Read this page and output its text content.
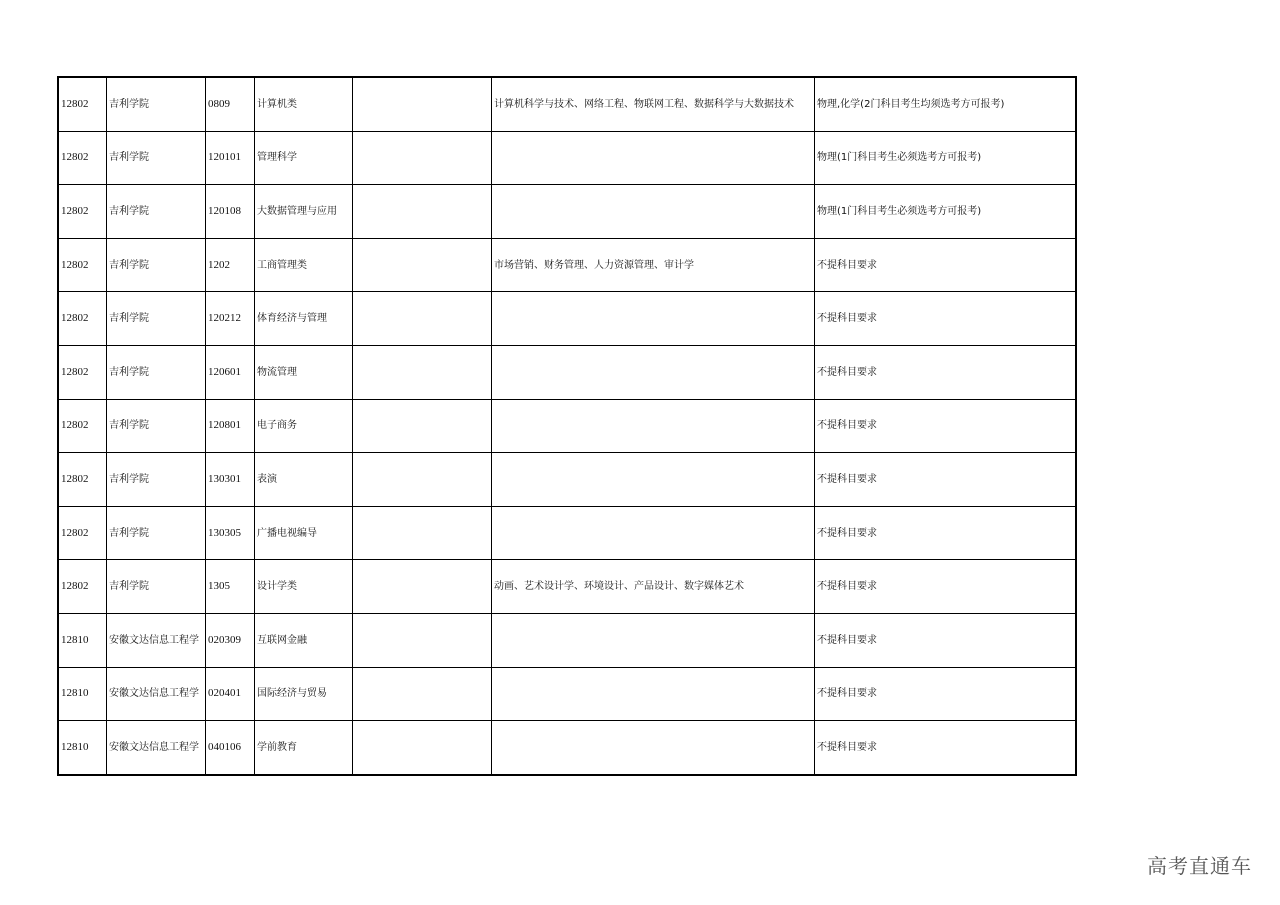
12802	吉利学院	0809	计算机类		计算机科学与技术、网络工程、物联网工程、数据科学与大数据技术	物理,化学(2门科目考生均须选考方可报考)
12802	吉利学院	120101	管理科学			物理(1门科目考生必须选考方可报考)
12802	吉利学院	120108	大数据管理与应用			物理(1门科目考生必须选考方可报考)
12802	吉利学院	1202	工商管理类		市场营销、财务管理、人力资源管理、审计学	不提科目要求
12802	吉利学院	120212	体育经济与管理			不提科目要求
12802	吉利学院	120601	物流管理			不提科目要求
12802	吉利学院	120801	电子商务			不提科目要求
12802	吉利学院	130301	表演			不提科目要求
12802	吉利学院	130305	广播电视编导			不提科目要求
12802	吉利学院	1305	设计学类		动画、艺术设计学、环境设计、产品设计、数字媒体艺术	不提科目要求
12810	安徽文达信息工程学	020309	互联网金融			不提科目要求
12810	安徽文达信息工程学	020401	国际经济与贸易			不提科目要求
12810	安徽文达信息工程学	040106	学前教育			不提科目要求
高考直通车
